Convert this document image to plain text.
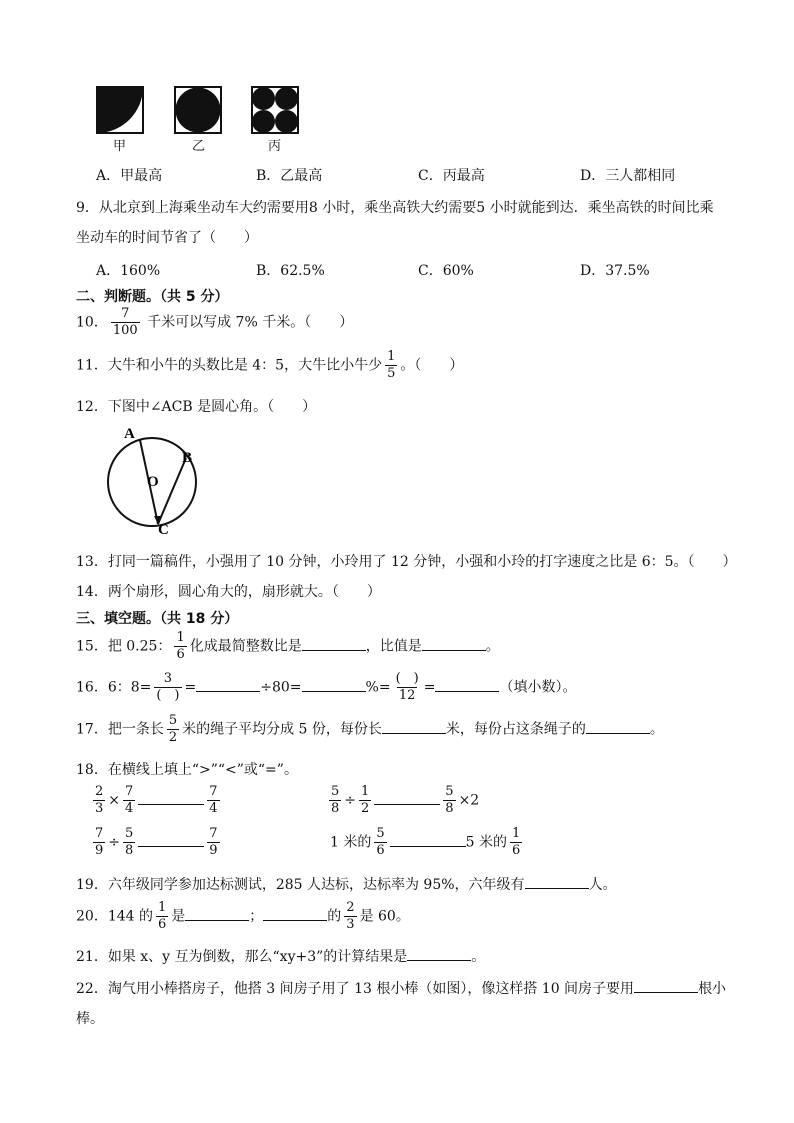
甲	乙	丙
A．甲最高	B．乙最高	C．丙最高	D．三人都相同
9．从北京到上海乘坐动车大约需要用8 小时，乘坐高铁大约需要5 小时就能到达．乘坐高铁的时间比乘
坐动车的时间节省了（　　）
A．160%	B．62.5%	C．60%	D．37.5%
二、判断题。（共 5 分）
10． $\frac{7}{100}$ 千米可以写成 7% 千米。（　　）
11．大牛和小牛的头数比是 4：5，大牛比小牛少 $\frac{1}{5}$ 。（　　）
12．下图中∠ACB 是圆心角。（　　）
A
B
O
C
13．打同一篇稿件，小强用了 10 分钟，小玲用了 12 分钟，小强和小玲的打字速度之比是 6：5。（　　）
14．两个扇形，圆心角大的，扇形就大。（　　）
三、填空题。（共 18 分）
15．把 0.25： $\frac{1}{6}$ 化成最简整数比是	，比值是	。
16．6：$8= \frac{3}{( )}$ =	÷80=	%= $\frac{( )}{12}$ =	（填小数）。
17．把一条长 $\frac{5}{2}$ 米的绳子平均分成 5 份，每份长	米，每份占这条绳子的	。
18．在横线上填上“>”“<”或“=”。
$\frac{2}{3} \times \frac{7}{4}$	$\frac{7}{4}$	$\frac{5}{8} \div \frac{1}{2}$	$\frac{5}{8} \times 2$
$\frac{7}{9} \div \frac{5}{8}$	$\frac{7}{9}$	1 米的 $\frac{5}{6}$	5 米的 $\frac{1}{6}$
19．六年级同学参加达标测试，285 人达标，达标率为 95%，六年级有	人。
20．144 的 $\frac{1}{6}$ 是	；	的 $\frac{2}{3}$ 是 60。
21．如果 x、y 互为倒数，那么“xy+3”的计算结果是	。
22．淘气用小棒搭房子，他搭 3 间房子用了 13 根小棒（如图），像这样搭 10 间房子要用	根小
棒。
